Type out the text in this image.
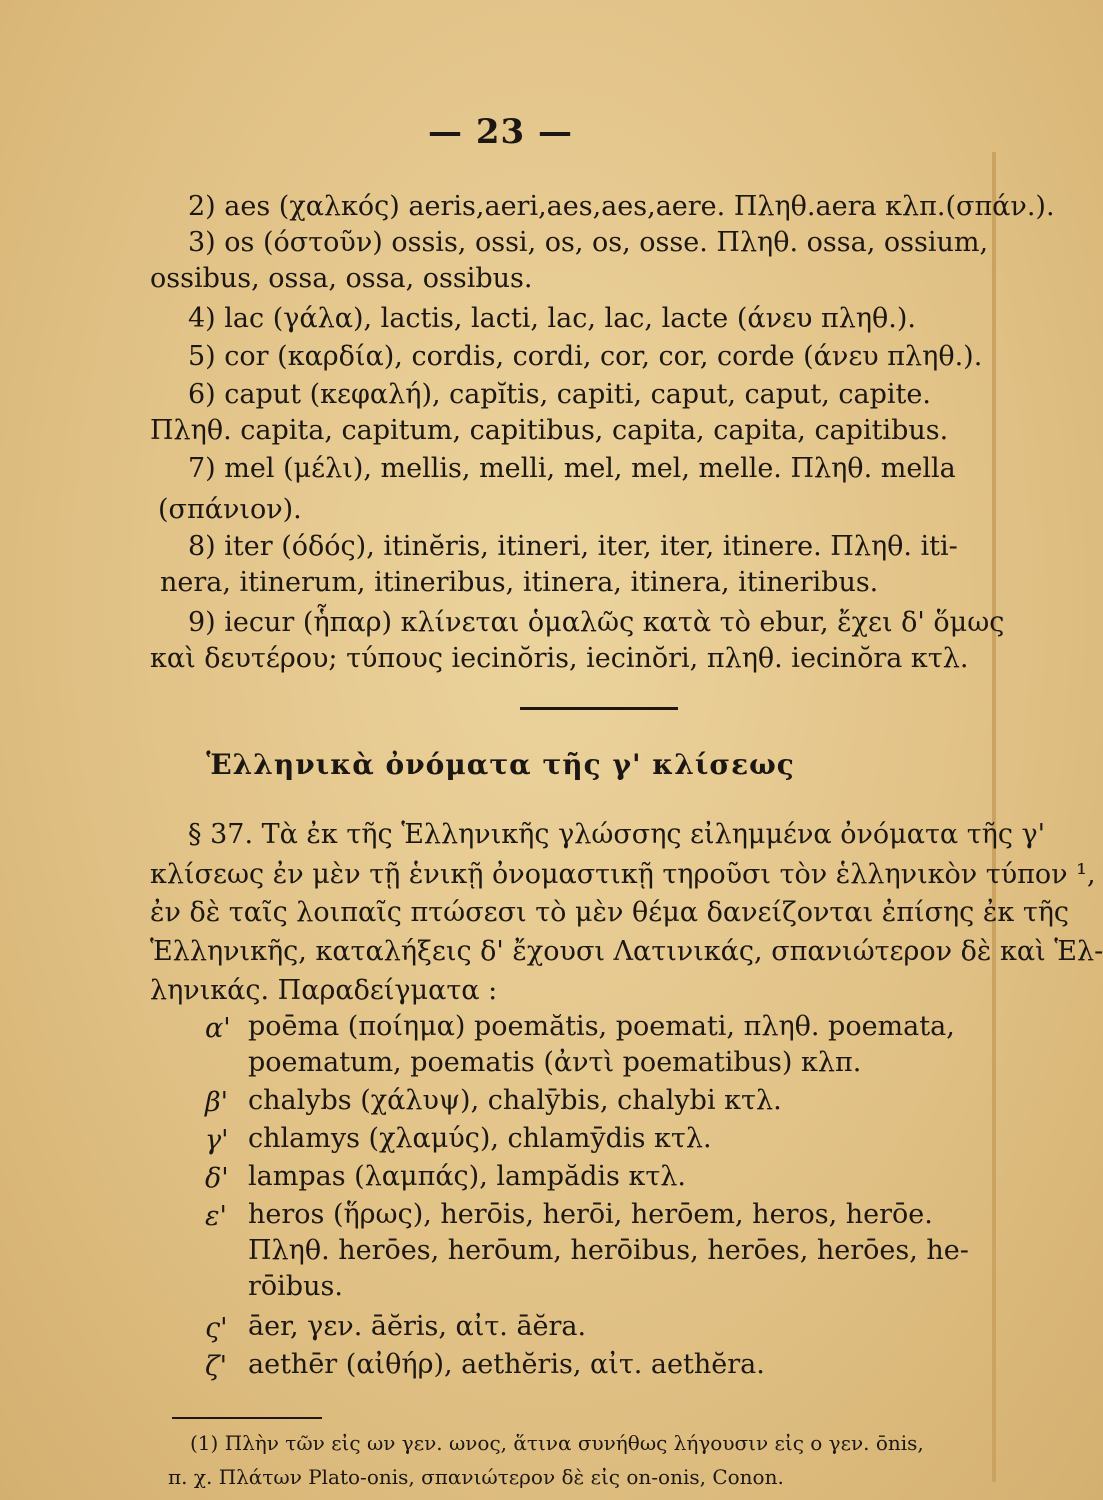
— 23 —
2) aes (χαλκός) aeris,aeri,aes,aes,aere. Πληθ.aera κλπ.(σπάν.).
3) os (όστοῦν) ossis, ossi, os, os, osse. Πληθ. ossa, ossium,
ossibus, ossa, ossa, ossibus.
4) lac (γάλα), lactis, lacti, lac, lac, lacte (άνευ πληθ.).
5) cor (καρδία), cordis, cordi, cor, cor, corde (άνευ πληθ.).
6) caput (κεφαλή), capĭtis, capiti, caput, caput, capite.
Πληθ. capita, capitum, capitibus, capita, capita, capitibus.
7) mel (μέλι), mellis, melli, mel, mel, melle. Πληθ. mella
(σπάνιον).
8) iter (όδός), itinĕris, itineri, iter, iter, itinere. Πληθ. iti-
nera, itinerum, itineribus, itinera, itinera, itineribus.
9) iecur (ἧπαρ) κλίνεται ὁμαλῶς κατὰ τὸ ebur, ἔχει δ' ὅμως
καὶ δευτέρου; τύπους iecinŏris, iecinŏri, πληθ. iecinŏra κτλ.
Ἑλληνικὰ ὀνόματα τῆς γ' κλίσεως
§ 37. Τὰ ἐκ τῆς Ἑλληνικῆς γλώσσης εἰλημμένα ὀνόματα τῆς γ'
κλίσεως ἐν μὲν τῇ ἑνικῇ ὀνομαστικῇ τηροῦσι τὸν ἑλληνικὸν τύπον ¹,
ἐν δὲ ταῖς λοιπαῖς πτώσεσι τὸ μὲν θέμα δανείζονται ἐπίσης ἐκ τῆς
Ἑλληνικῆς, καταλήξεις δ' ἔχουσι Λατινικάς, σπανιώτερον δὲ καὶ Ἑλ-
ληνικάς. Παραδείγματα :
α' poēma (ποίημα) poemătis, poemati, πληθ. poemata,
poematum, poematis (ἀντὶ poematibus) κλπ.
β' chalybs (χάλυψ), chalȳbis, chalybi κτλ.
γ' chlamys (χλαμύς), chlamȳdis κτλ.
δ' lampas (λαμπάς), lampădis κτλ.
ε' heros (ἥρως), herōis, herōi, herōem, heros, herōe.
Πληθ. herōes, herōum, herōibus, herōes, herōes, he-
rōibus.
ς' āer, γεν. āĕris, αἰτ. āĕra.
ζ' aethēr (αἰθήρ), aethĕris, αἰτ. aethĕra.
(1) Πλὴν τῶν εἰς ων γεν. ωνος, ἅτινα συνήθως λήγουσιν εἰς ο γεν. ōnis,
π. χ. Πλάτων Plato-onis, σπανιώτερον δὲ εἰς on-onis, Conon.
